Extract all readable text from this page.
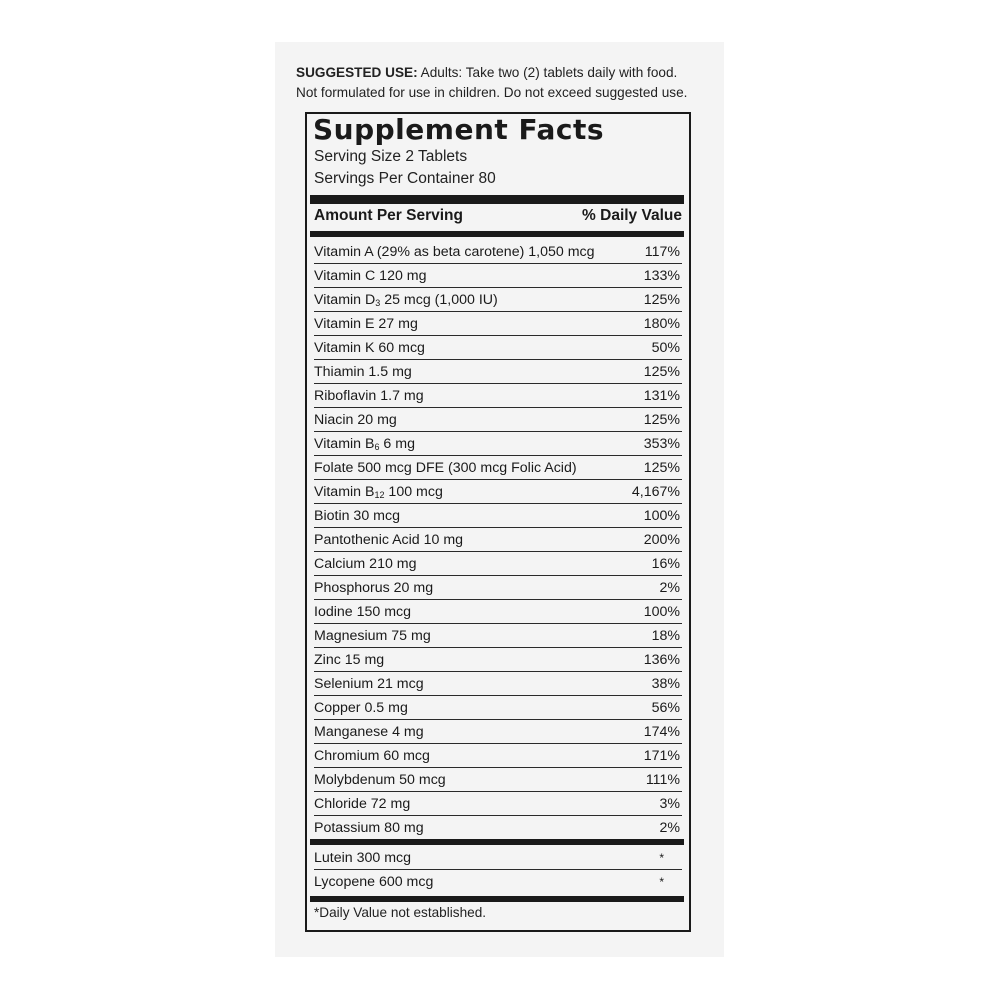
SUGGESTED USE: Adults: Take two (2) tablets daily with food.
Not formulated for use in children. Do not exceed suggested use.
Supplement Facts
Serving Size 2 Tablets
Servings Per Container 80
Amount Per Serving	% Daily Value
Vitamin A (29% as beta carotene) 1,050 mcg	117%
Vitamin C 120 mg	133%
Vitamin $D_3$ 25 mcg (1,000 IU)	125%
Vitamin E 27 mg	180%
Vitamin K 60 mcg	50%
Thiamin 1.5 mg	125%
Riboflavin 1.7 mg	131%
Niacin 20 mg	125%
Vitamin $B_6$ 6 mg	353%
Folate 500 mcg DFE (300 mcg Folic Acid)	125%
Vitamin $B_{12}$ 100 mcg	4,167%
Biotin 30 mcg	100%
Pantothenic Acid 10 mg	200%
Calcium 210 mg	16%
Phosphorus 20 mg	2%
Iodine 150 mcg	100%
Magnesium 75 mg	18%
Zinc 15 mg	136%
Selenium 21 mcg	38%
Copper 0.5 mg	56%
Manganese 4 mg	174%
Chromium 60 mcg	171%
Molybdenum 50 mcg	111%
Chloride 72 mg	3%
Potassium 80 mg	2%
Lutein 300 mcg	*
Lycopene 600 mcg	*
*Daily Value not established.
